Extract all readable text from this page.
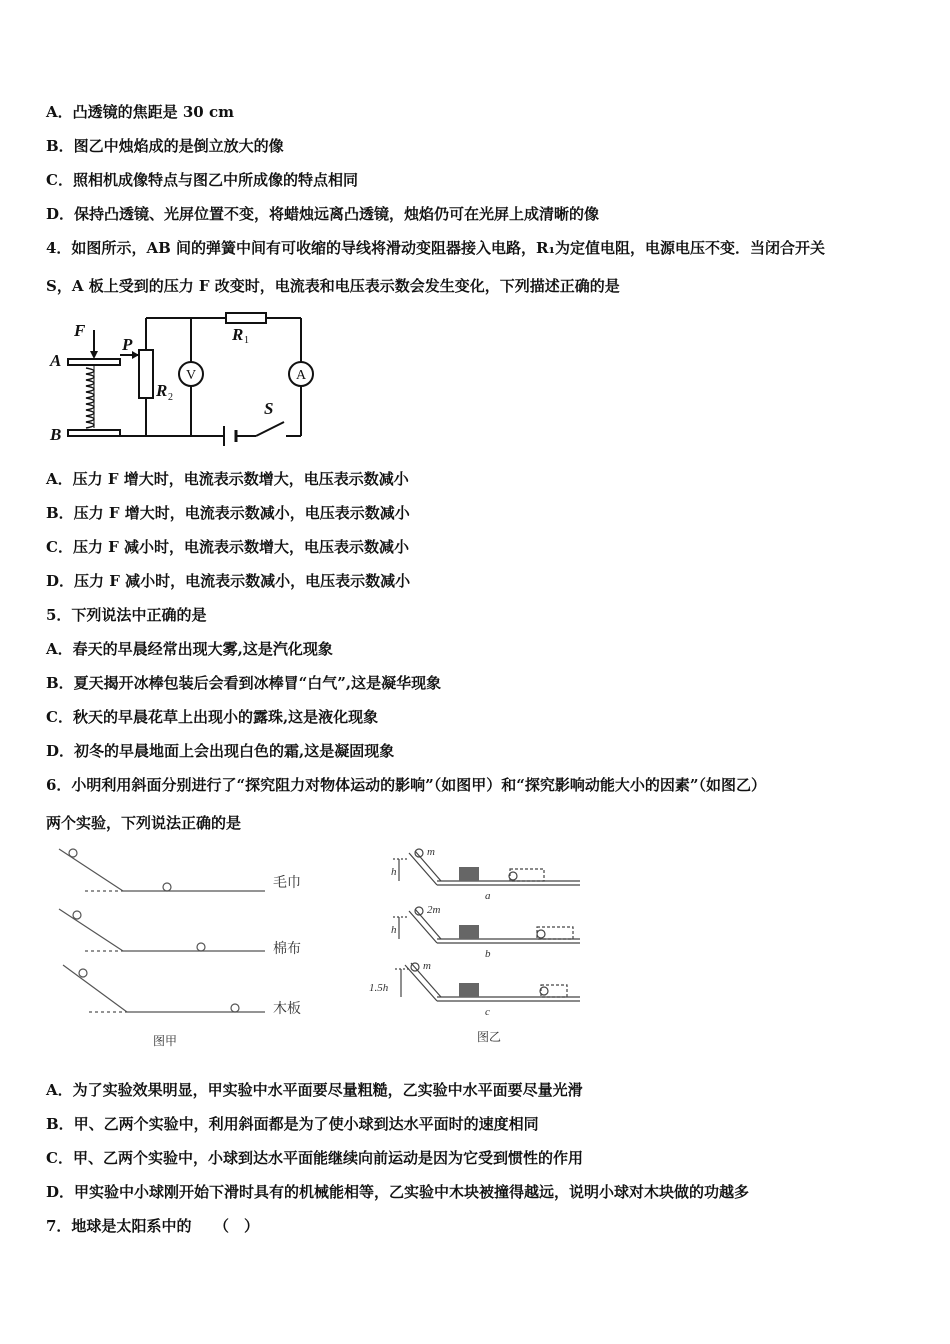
A．凸透镜的焦距是 30 cm
B．图乙中烛焰成的是倒立放大的像
C．照相机成像特点与图乙中所成像的特点相同
D．保持凸透镜、光屏位置不变，将蜡烛远离凸透镜，烛焰仍可在光屏上成清晰的像
4．如图所示，AB 间的弹簧中间有可收缩的导线将滑动变阻器接入电路，R₁为定值电阻，电源电压不变．当闭合开关
S，A 板上受到的压力 F 改变时，电流表和电压表示数会发生变化，下列描述正确的是
F
A
B
P
R
R
S
1
2
V	A
A．压力 F 增大时，电流表示数增大，电压表示数减小
B．压力 F 增大时，电流表示数减小，电压表示数减小
C．压力 F 减小时，电流表示数增大，电压表示数减小
D．压力 F 减小时，电流表示数减小，电压表示数减小
5．下列说法中正确的是
A．春天的早晨经常出现大雾,这是汽化现象
B．夏天揭开冰棒包装后会看到冰棒冒“白气”,这是凝华现象
C．秋天的早晨花草上出现小的露珠,这是液化现象
D．初冬的早晨地面上会出现白色的霜,这是凝固现象
6．小明利用斜面分别进行了“探究阻力对物体运动的影响”（如图甲）和“探究影响动能大小的因素”（如图乙）
两个实验，下列说法正确的是
毛巾
棉布
木板
图甲
m
2m
m
h
h
1.5h
a
b
c
图乙
A．为了实验效果明显，甲实验中水平面要尽量粗糙，乙实验中水平面要尽量光滑
B．甲、乙两个实验中，利用斜面都是为了使小球到达水平面时的速度相同
C．甲、乙两个实验中，小球到达水平面能继续向前运动是因为它受到惯性的作用
D．甲实验中小球刚开始下滑时具有的机械能相等，乙实验中木块被撞得越远，说明小球对木块做的功越多
7．地球是太阳系中的　　（　）
